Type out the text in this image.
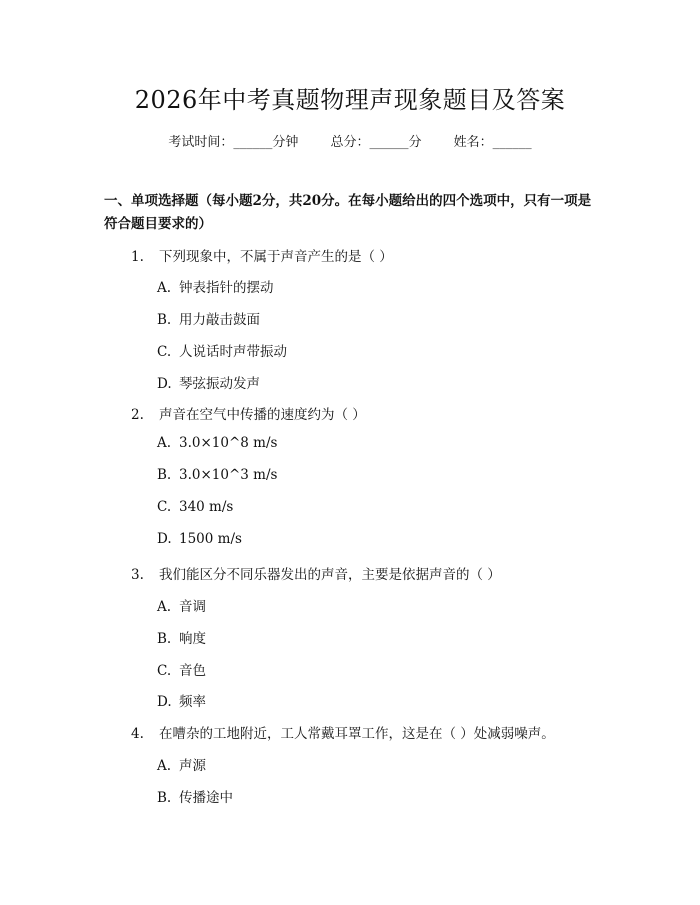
2026年中考真题物理声现象题目及答案
考试时间：______分钟 总分：______分 姓名：______
一、单项选择题（每小题2分，共20分。在每小题给出的四个选项中，只有一项是符合题目要求的）
1. 下列现象中，不属于声音产生的是（ ）
A. 钟表指针的摆动
B. 用力敲击鼓面
C. 人说话时声带振动
D. 琴弦振动发声
2. 声音在空气中传播的速度约为（ ）
A. 3.0×10^8 m/s
B. 3.0×10^3 m/s
C. 340 m/s
D. 1500 m/s
3. 我们能区分不同乐器发出的声音，主要是依据声音的（ ）
A. 音调
B. 响度
C. 音色
D. 频率
4. 在嘈杂的工地附近，工人常戴耳罩工作，这是在（ ）处减弱噪声。
A. 声源
B. 传播途中
